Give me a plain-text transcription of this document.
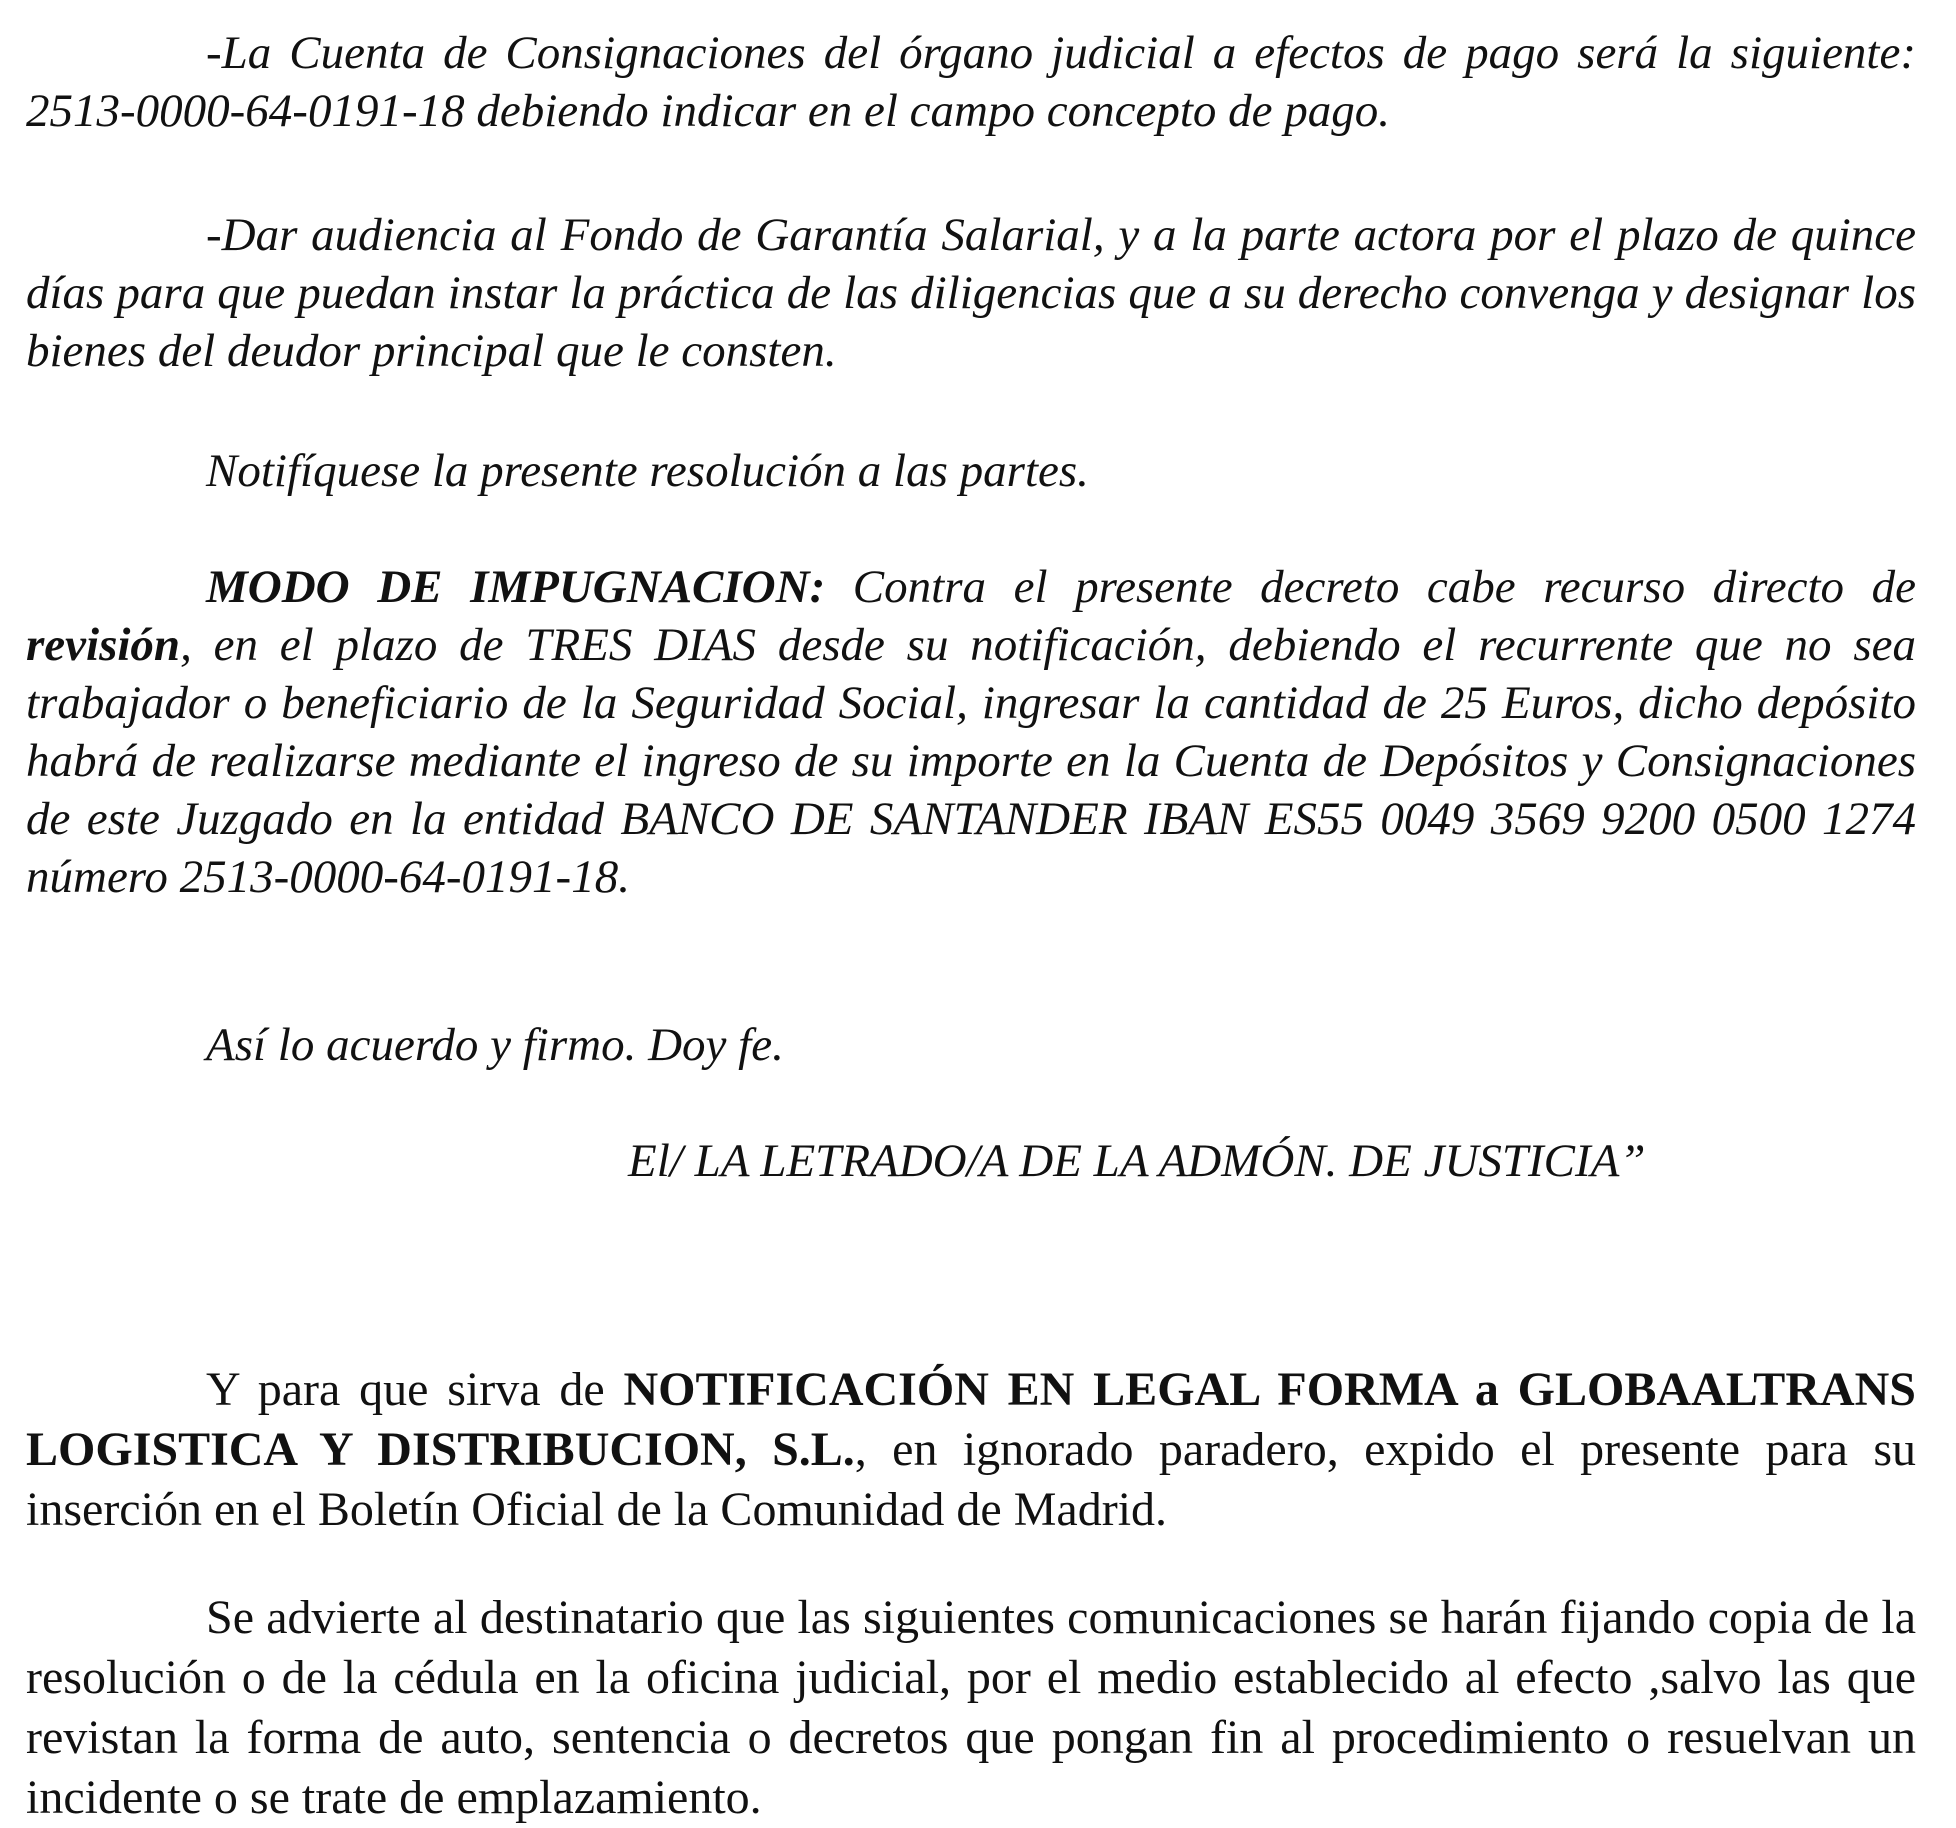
-La Cuenta de Consignaciones del órgano judicial a efectos de pago será la siguiente: 2513-0000-64-0191-18 debiendo indicar en el campo concepto de pago.

-Dar audiencia al Fondo de Garantía Salarial, y a la parte actora por el plazo de quince días para que puedan instar la práctica de las diligencias que a su derecho convenga y designar los bienes del deudor principal que le consten.

Notifíquese la presente resolución a las partes.

MODO DE IMPUGNACION: Contra el presente decreto cabe recurso directo de revisión, en el plazo de TRES DIAS desde su notificación, debiendo el recurrente que no sea trabajador o beneficiario de la Seguridad Social, ingresar la cantidad de 25 Euros, dicho depósito habrá de realizarse mediante el ingreso de su importe en la Cuenta de Depósitos y Consignaciones de este Juzgado en la entidad BANCO DE SANTANDER IBAN ES55 0049 3569 9200 0500 1274 número 2513-0000-64-0191-18.

Así lo acuerdo y firmo. Doy fe.

El/ LA LETRADO/A DE LA ADMÓN. DE JUSTICIA”

Y para que sirva de NOTIFICACIÓN EN LEGAL FORMA a GLOBAALTRANS LOGISTICA Y DISTRIBUCION, S.L., en ignorado paradero, expido el presente para su inserción en el Boletín Oficial de la Comunidad de Madrid.

Se advierte al destinatario que las siguientes comunicaciones se harán fijando copia de la resolución o de la cédula en la oficina judicial, por el medio establecido al efecto ,salvo las que revistan la forma de auto, sentencia o decretos que pongan fin al procedimiento o resuelvan un incidente o se trate de emplazamiento.
